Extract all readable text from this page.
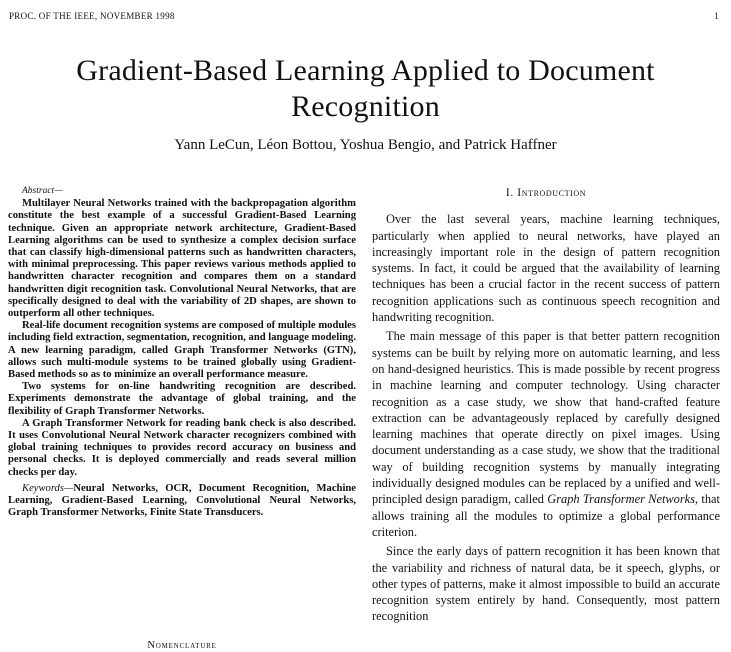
PROC. OF THE IEEE, NOVEMBER 1998	1
Gradient-Based Learning Applied to Document
Recognition
Yann LeCun, Léon Bottou, Yoshua Bengio, and Patrick Haffner
Abstract—

Multilayer Neural Networks trained with the backpropagation algorithm constitute the best example of a successful Gradient-Based Learning technique. Given an appropriate network architecture, Gradient-Based Learning algorithms can be used to synthesize a complex decision surface that can classify high-dimensional patterns such as handwritten characters, with minimal preprocessing. This paper reviews various methods applied to handwritten character recognition and compares them on a standard handwritten digit recognition task. Convolutional Neural Networks, that are specifically designed to deal with the variability of 2D shapes, are shown to outperform all other techniques.

Real-life document recognition systems are composed of multiple modules including field extraction, segmentation, recognition, and language modeling. A new learning paradigm, called Graph Transformer Networks (GTN), allows such multi-module systems to be trained globally using Gradient-Based methods so as to minimize an overall performance measure.

Two systems for on-line handwriting recognition are described. Experiments demonstrate the advantage of global training, and the flexibility of Graph Transformer Networks.

A Graph Transformer Network for reading bank check is also described. It uses Convolutional Neural Network character recognizers combined with global training techniques to provides record accuracy on business and personal checks. It is deployed commercially and reads several million checks per day.

Keywords—Neural Networks, OCR, Document Recognition, Machine Learning, Gradient-Based Learning, Convolutional Neural Networks, Graph Transformer Networks, Finite State Transducers.

Nomenclature
I. Introduction

Over the last several years, machine learning techniques, particularly when applied to neural networks, have played an increasingly important role in the design of pattern recognition systems. In fact, it could be argued that the availability of learning techniques has been a crucial factor in the recent success of pattern recognition applications such as continuous speech recognition and handwriting recognition.

The main message of this paper is that better pattern recognition systems can be built by relying more on automatic learning, and less on hand-designed heuristics. This is made possible by recent progress in machine learning and computer technology. Using character recognition as a case study, we show that hand-crafted feature extraction can be advantageously replaced by carefully designed learning machines that operate directly on pixel images. Using document understanding as a case study, we show that the traditional way of building recognition systems by manually integrating individually designed modules can be replaced by a unified and well-principled design paradigm, called Graph Transformer Networks, that allows training all the modules to optimize a global performance criterion.

Since the early days of pattern recognition it has been known that the variability and richness of natural data, be it speech, glyphs, or other types of patterns, make it almost impossible to build an accurate recognition system entirely by hand. Consequently, most pattern recognition
